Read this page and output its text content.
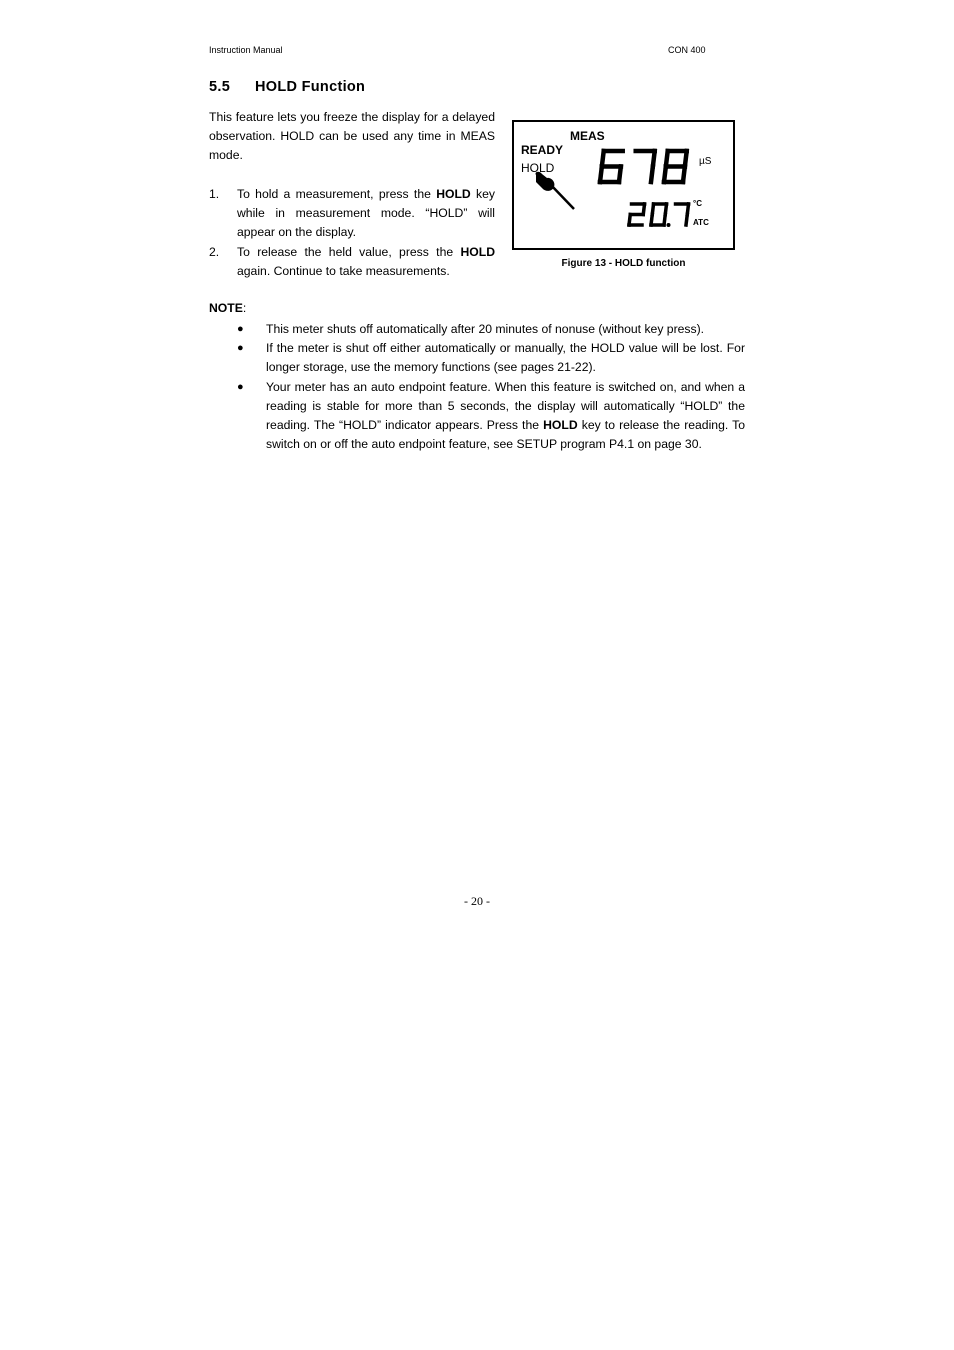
Instruction Manual	CON 400
5.5 HOLD Function
This feature lets you freeze the display for a delayed observation. HOLD can be used any time in MEAS mode.
1. To hold a measurement, press the HOLD key while in measurement mode. “HOLD” will appear on the display.
2. To release the held value, press the HOLD again. Continue to take measurements.
MEAS
READY
HOLD	µS
°C
ATC
Figure 13 - HOLD function
NOTE:
● This meter shuts off automatically after 20 minutes of nonuse (without key press).
● If the meter is shut off either automatically or manually, the HOLD value will be lost. For longer storage, use the memory functions (see pages 21-22).
● Your meter has an auto endpoint feature. When this feature is switched on, and when a reading is stable for more than 5 seconds, the display will automatically “HOLD” the reading. The “HOLD” indicator appears. Press the HOLD key to release the reading. To switch on or off the auto endpoint feature, see SETUP program P4.1 on page 30.
- 20 -
